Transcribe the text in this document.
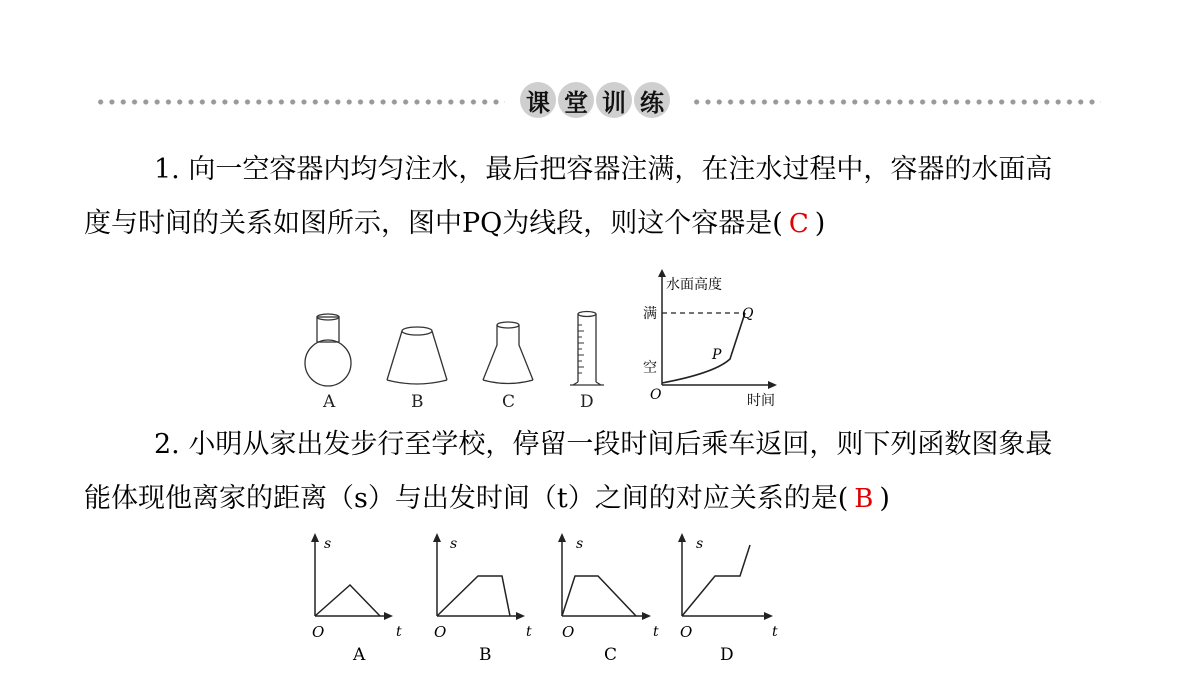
课 堂 训 练
1. 向一空容器内均匀注水，最后把容器注满，在注水过程中，容器的水面高
度与时间的关系如图所示，图中PQ为线段，则这个容器是( C )
A	B	C	D
水面高度
满
空
O	时间
P
Q
2. 小明从家出发步行至学校，停留一段时间后乘车返回，则下列函数图象最
能体现他离家的距离（s）与出发时间（t）之间的对应关系的是( B )
s
O	t
A
s
O	t
B
s
O	t
C
s
O	t
D
